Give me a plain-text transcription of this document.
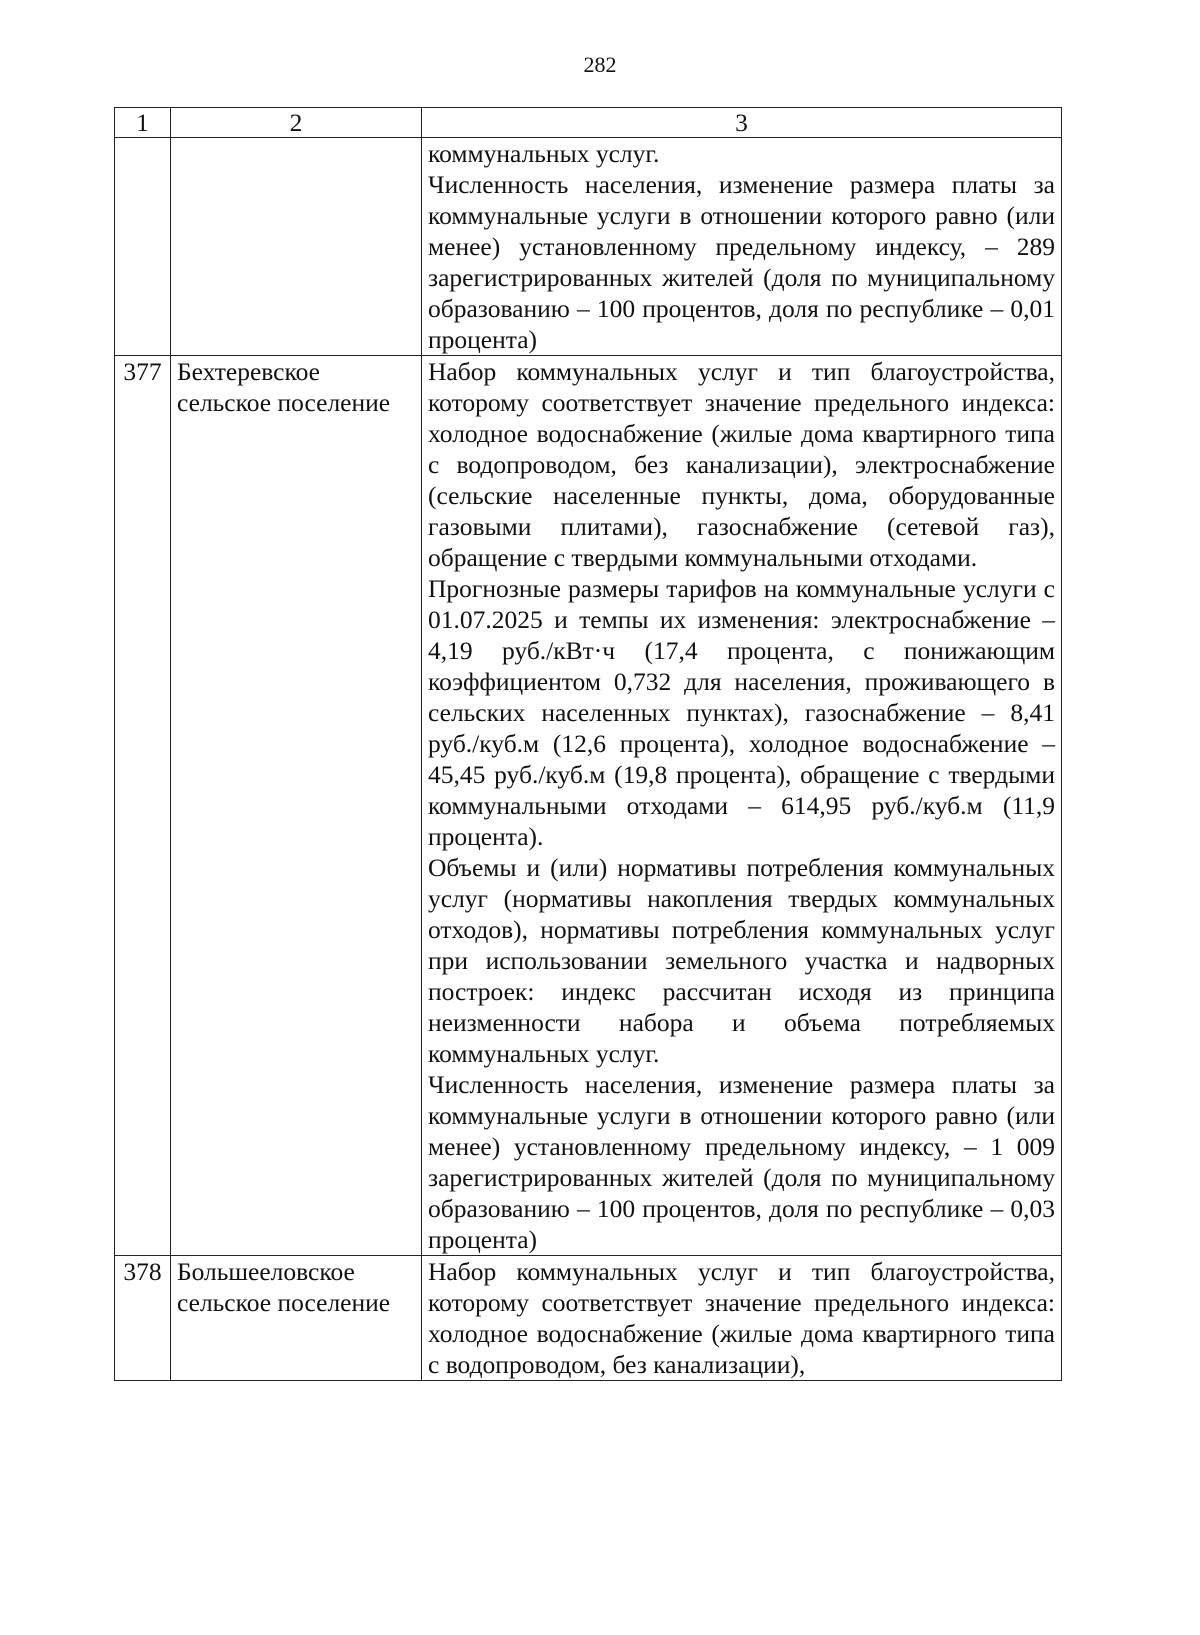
282
1	2	3

		коммунальных услуг.
Численность населения, изменение размера платы за коммунальные услуги в отношении которого равно (или менее) установленному предельному индексу, – 289 зарегистрированных жителей (доля по муниципальному образованию – 100 процентов, доля по республике – 0,01 процента)

377	Бехтеревское сельское поселение	Набор коммунальных услуг и тип благоустройства, которому соответствует значение предельного индекса: холодное водоснабжение (жилые дома квартирного типа с водопроводом, без канализации), электроснабжение (сельские населенные пункты, дома, оборудованные газовыми плитами), газоснабжение (сетевой газ), обращение с твердыми коммунальными отходами.
Прогнозные размеры тарифов на коммунальные услуги с 01.07.2025 и темпы их изменения: электроснабжение – 4,19 руб./кВт·ч (17,4 процента, с понижающим коэффициентом 0,732 для населения, проживающего в сельских населенных пунктах), газоснабжение – 8,41 руб./куб.м (12,6 процента), холодное водоснабжение – 45,45 руб./куб.м (19,8 процента), обращение с твердыми коммунальными отходами – 614,95 руб./куб.м (11,9 процента).
Объемы и (или) нормативы потребления коммунальных услуг (нормативы накопления твердых коммунальных отходов), нормативы потребления коммунальных услуг при использовании земельного участка и надворных построек: индекс рассчитан исходя из принципа неизменности набора и объема потребляемых коммунальных услуг.
Численность населения, изменение размера платы за коммунальные услуги в отношении которого равно (или менее) установленному предельному индексу, – 1 009 зарегистрированных жителей (доля по муниципальному образованию – 100 процентов, доля по республике – 0,03 процента)

378	Большееловское сельское поселение	Набор коммунальных услуг и тип благоустройства, которому соответствует значение предельного индекса: холодное водоснабжение (жилые дома квартирного типа с водопроводом, без канализации),
